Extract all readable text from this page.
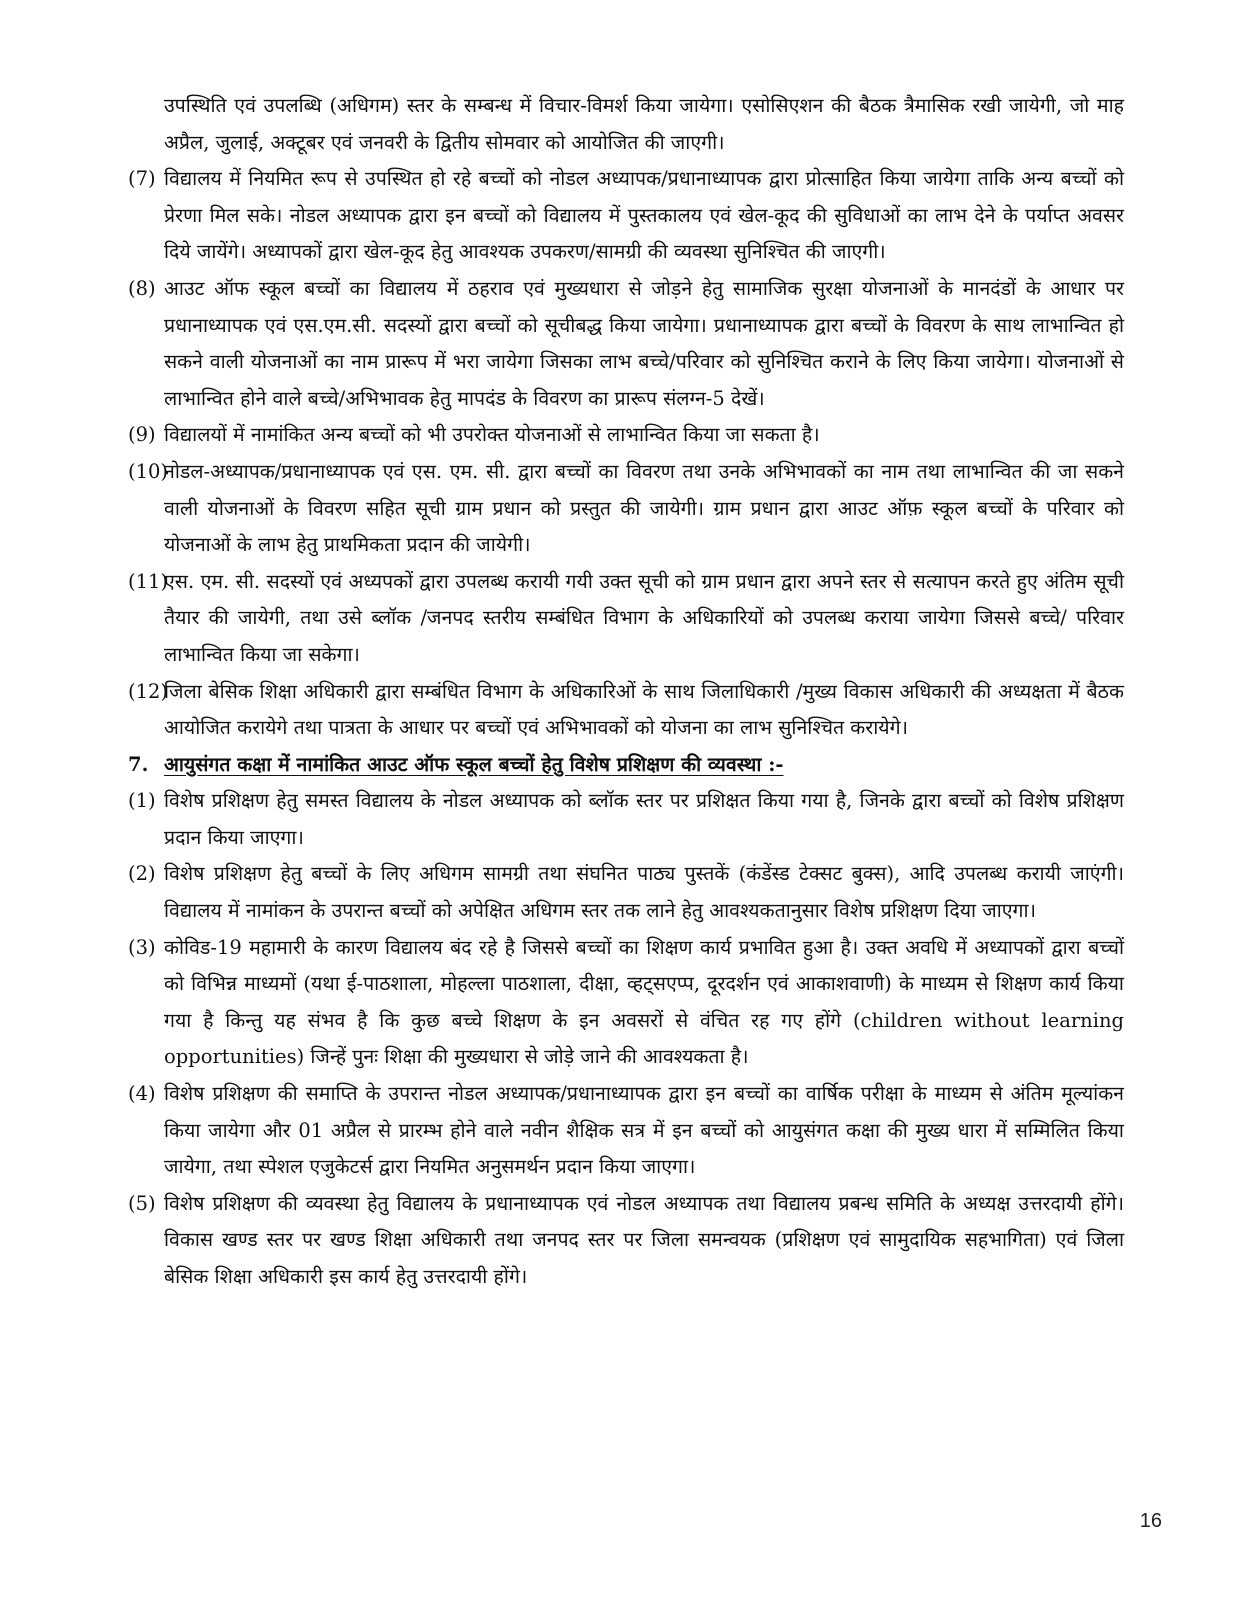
उपस्थिति एवं उपलब्धि (अधिगम) स्तर के सम्बन्ध में विचार-विमर्श किया जायेगा। एसोसिएशन की बैठक त्रैमासिक रखी जायेगी, जो माह अप्रैल, जुलाई, अक्टूबर एवं जनवरी के द्वितीय सोमवार को आयोजित की जाएगी।

(7) विद्यालय में नियमित रूप से उपस्थित हो रहे बच्चों को नोडल अध्यापक/प्रधानाध्यापक द्वारा प्रोत्साहित किया जायेगा ताकि अन्य बच्चों को प्रेरणा मिल सके। नोडल अध्यापक द्वारा इन बच्चों को विद्यालय में पुस्तकालय एवं खेल-कूद की सुविधाओं का लाभ देने के पर्याप्त अवसर दिये जायेंगे। अध्यापकों द्वारा खेल-कूद हेतु आवश्यक उपकरण/सामग्री की व्यवस्था सुनिश्चित की जाएगी।
(8) आउट ऑफ स्कूल बच्चों का विद्यालय में ठहराव एवं मुख्यधारा से जोड़ने हेतु सामाजिक सुरक्षा योजनाओं के मानदंडों के आधार पर प्रधानाध्यापक एवं एस.एम.सी. सदस्यों द्वारा बच्चों को सूचीबद्ध किया जायेगा। प्रधानाध्यापक द्वारा बच्चों के विवरण के साथ लाभान्वित हो सकने वाली योजनाओं का नाम प्रारूप में भरा जायेगा जिसका लाभ बच्चे/परिवार को सुनिश्चित कराने के लिए किया जायेगा। योजनाओं से लाभान्वित होने वाले बच्चे/अभिभावक हेतु मापदंड के विवरण का प्रारूप संलग्न-5 देखें।
(9) विद्यालयों में नामांकित अन्य बच्चों को भी उपरोक्त योजनाओं से लाभान्वित किया जा सकता है।
(10)
नोडल-अध्यापक/प्रधानाध्यापक एवं एस. एम. सी. द्वारा बच्चों का विवरण तथा उनके अभिभावकों का नाम तथा लाभान्वित की जा सकने वाली योजनाओं के विवरण सहित सूची ग्राम प्रधान को प्रस्तुत की जायेगी। ग्राम प्रधान द्वारा आउट ऑफ़ स्कूल बच्चों के परिवार को योजनाओं के लाभ हेतु प्राथमिकता प्रदान की जायेगी।
(11)
एस. एम. सी. सदस्यों एवं अध्यपकों द्वारा उपलब्ध करायी गयी उक्त सूची को ग्राम प्रधान द्वारा अपने स्तर से सत्यापन करते हुए अंतिम सूची तैयार की जायेगी, तथा उसे ब्लॉक /जनपद स्तरीय सम्बंधित विभाग के अधिकारियों को उपलब्ध कराया जायेगा जिससे बच्चे/ परिवार लाभान्वित किया जा सकेगा।
(12)
जिला बेसिक शिक्षा अधिकारी द्वारा सम्बंधित विभाग के अधिकारिओं के साथ जिलाधिकारी /मुख्य विकास अधिकारी की अध्यक्षता में बैठक आयोजित करायेगे तथा पात्रता के आधार पर बच्चों एवं अभिभावकों को योजना का लाभ सुनिश्चित करायेगे।
7. आयुसंगत कक्षा में नामांकित आउट ऑफ स्कूल बच्चों हेतु विशेष प्रशिक्षण की व्यवस्था :-
(1) विशेष प्रशिक्षण हेतु समस्त विद्यालय के नोडल अध्यापक को ब्लॉक स्तर पर प्रशिक्षत किया गया है, जिनके द्वारा बच्चों को विशेष प्रशिक्षण प्रदान किया जाएगा।
(2) विशेष प्रशिक्षण हेतु बच्चों के लिए अधिगम सामग्री तथा संघनित पाठ्य पुस्तकें (कंडेंस्ड टेक्सट बुक्स), आदि उपलब्ध करायी जाएंगी। विद्यालय में नामांकन के उपरान्त बच्चों को अपेक्षित अधिगम स्तर तक लाने हेतु आवश्यकतानुसार विशेष प्रशिक्षण दिया जाएगा।
(3) कोविड-19 महामारी के कारण विद्यालय बंद रहे है जिससे बच्चों का शिक्षण कार्य प्रभावित हुआ है। उक्त अवधि में अध्यापकों द्वारा बच्चों को विभिन्न माध्यमों (यथा ई-पाठशाला, मोहल्ला पाठशाला, दीक्षा, व्हट्सएप्प, दूरदर्शन एवं आकाशवाणी) के माध्यम से शिक्षण कार्य किया गया है किन्तु यह संभव है कि कुछ बच्चे शिक्षण के इन अवसरों से वंचित रह गए होंगे (children without learning opportunities) जिन्हें पुनः शिक्षा की मुख्यधारा से जोड़े जाने की आवश्यकता है।
(4) विशेष प्रशिक्षण की समाप्ति के उपरान्त नोडल अध्यापक/प्रधानाध्यापक द्वारा इन बच्चों का वार्षिक परीक्षा के माध्यम से अंतिम मूल्यांकन किया जायेगा और 01 अप्रैल से प्रारम्भ होने वाले नवीन शैक्षिक सत्र में इन बच्चों को आयुसंगत कक्षा की मुख्य धारा में सम्मिलित किया जायेगा, तथा स्पेशल एजुकेटर्स द्वारा नियमित अनुसमर्थन प्रदान किया जाएगा।
(5) विशेष प्रशिक्षण की व्यवस्था हेतु विद्यालय के प्रधानाध्यापक एवं नोडल अध्यापक तथा विद्यालय प्रबन्ध समिति के अध्यक्ष उत्तरदायी होंगे। विकास खण्ड स्तर पर खण्ड शिक्षा अधिकारी तथा जनपद स्तर पर जिला समन्वयक (प्रशिक्षण एवं सामुदायिक सहभागिता) एवं जिला बेसिक शिक्षा अधिकारी इस कार्य हेतु उत्तरदायी होंगे।
16
